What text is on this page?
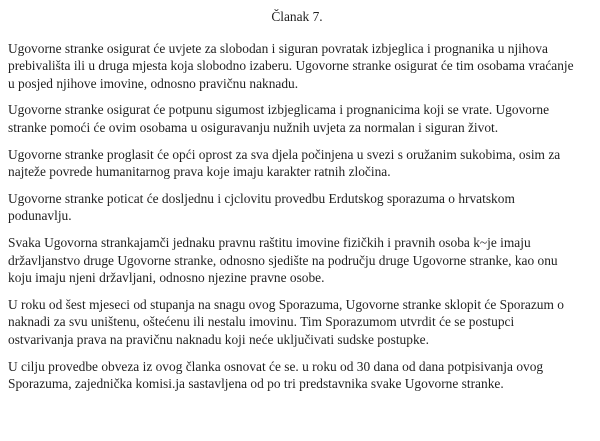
Članak 7.

Ugovorne stranke osigurat će uvjete za slobodan i siguran povratak izbjeglica i prognanika u njihova prebivališta ili u druga mjesta koja slobodno izaberu. Ugovorne stranke osigurat će tim osobama vraćanje u posjed njihove imovine, odnosno pravičnu naknadu.

Ugovorne stranke osigurat će potpunu sigumost izbjeglicama i prognanicima koji se vrate. Ugovorne stranke pomoći će ovim osobama u osiguravanju nužnih uvjeta za normalan i siguran život.

Ugovorne stranke proglasit će opći oprost za sva djela počinjena u svezi s oružanim sukobima, osim za najteže povrede humanitarnog prava koje imaju karakter ratnih zločina.

Ugovorne stranke poticat će dosljednu i cjclovitu provedbu Erdutskog sporazuma o hrvatskom podunavlju.

Svaka Ugovorna strankajamči jednaku pravnu raštitu imovine fizičkih i pravnih osoba k~je imaju državljanstvo druge Ugovorne stranke, odnosno sjedište na području druge Ugovorne stranke, kao onu koju imaju njeni državljani, odnosno njezine pravne osobe.

U roku od šest mjeseci od stupanja na snagu ovog Sporazuma, Ugovorne stranke sklopit će Sporazum o naknadi za svu uništenu, oštećenu ili nestalu imovinu. Tim Sporazumom utvrdit će se postupci ostvarivanja prava na pravičnu naknadu koji neće uključivati sudske postupke.

U cilju provedbe obveza iz ovog članka osnovat će se. u roku od 30 dana od dana potpisivanja ovog Sporazuma, zajednička komisi.ja sastavljena od po tri predstavnika svake Ugovorne stranke.
